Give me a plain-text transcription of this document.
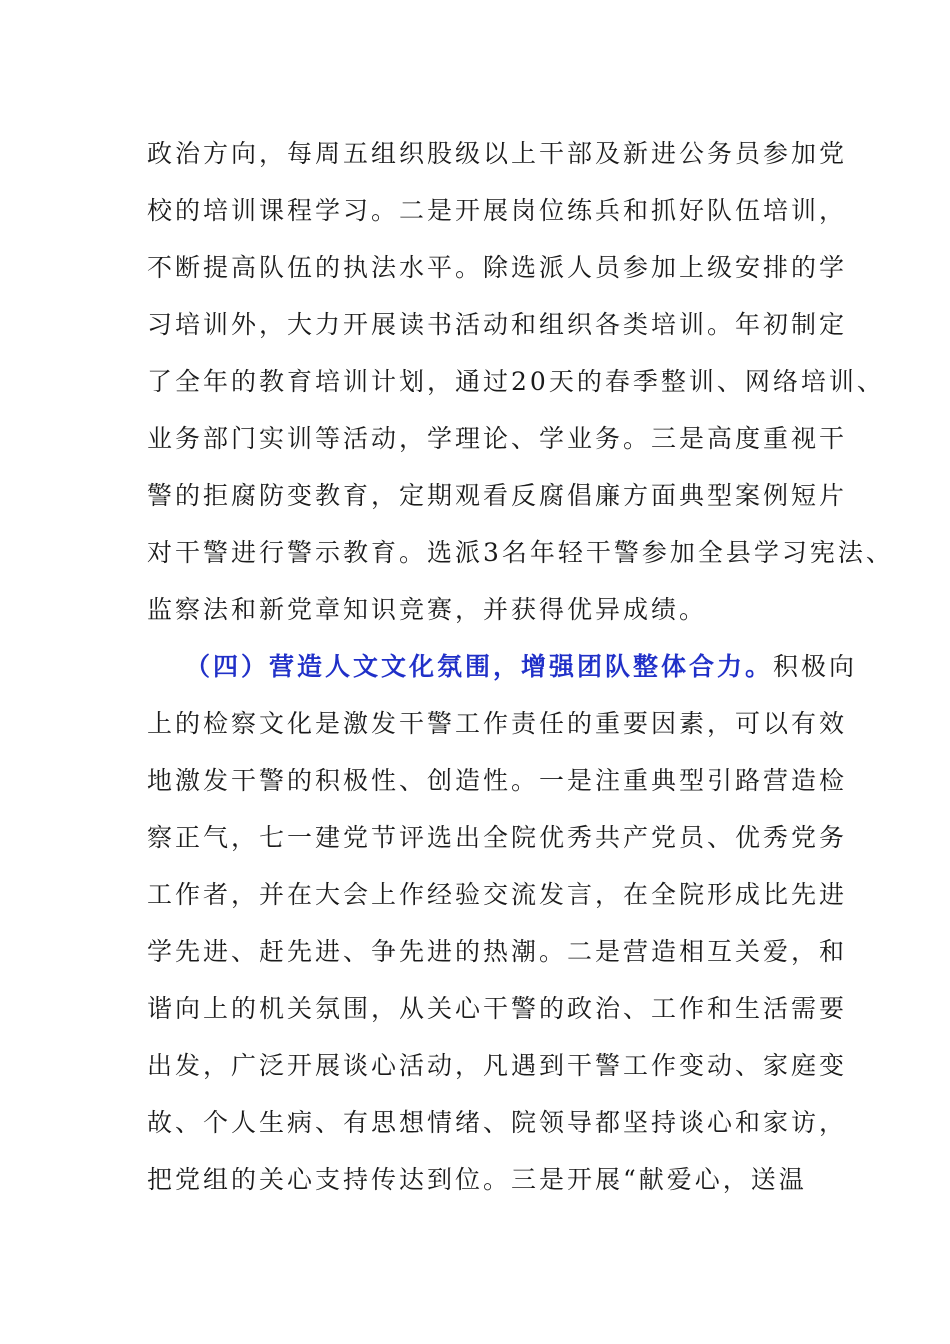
政治方向，每周五组织股级以上干部及新进公务员参加党
校的培训课程学习。二是开展岗位练兵和抓好队伍培训，
不断提高队伍的执法水平。除选派人员参加上级安排的学
习培训外，大力开展读书活动和组织各类培训。年初制定
了全年的教育培训计划，通过20天的春季整训、网络培训、
业务部门实训等活动，学理论、学业务。三是高度重视干
警的拒腐防变教育，定期观看反腐倡廉方面典型案例短片
对干警进行警示教育。选派3名年轻干警参加全县学习宪法、
监察法和新党章知识竞赛，并获得优异成绩。
（四）营造人文文化氛围，增强团队整体合力。积极向
上的检察文化是激发干警工作责任的重要因素，可以有效
地激发干警的积极性、创造性。一是注重典型引路营造检
察正气，七一建党节评选出全院优秀共产党员、优秀党务
工作者，并在大会上作经验交流发言，在全院形成比先进
学先进、赶先进、争先进的热潮。二是营造相互关爱，和
谐向上的机关氛围，从关心干警的政治、工作和生活需要
出发，广泛开展谈心活动，凡遇到干警工作变动、家庭变
故、个人生病、有思想情绪、院领导都坚持谈心和家访，
把党组的关心支持传达到位。三是开展“献爱心，送温
